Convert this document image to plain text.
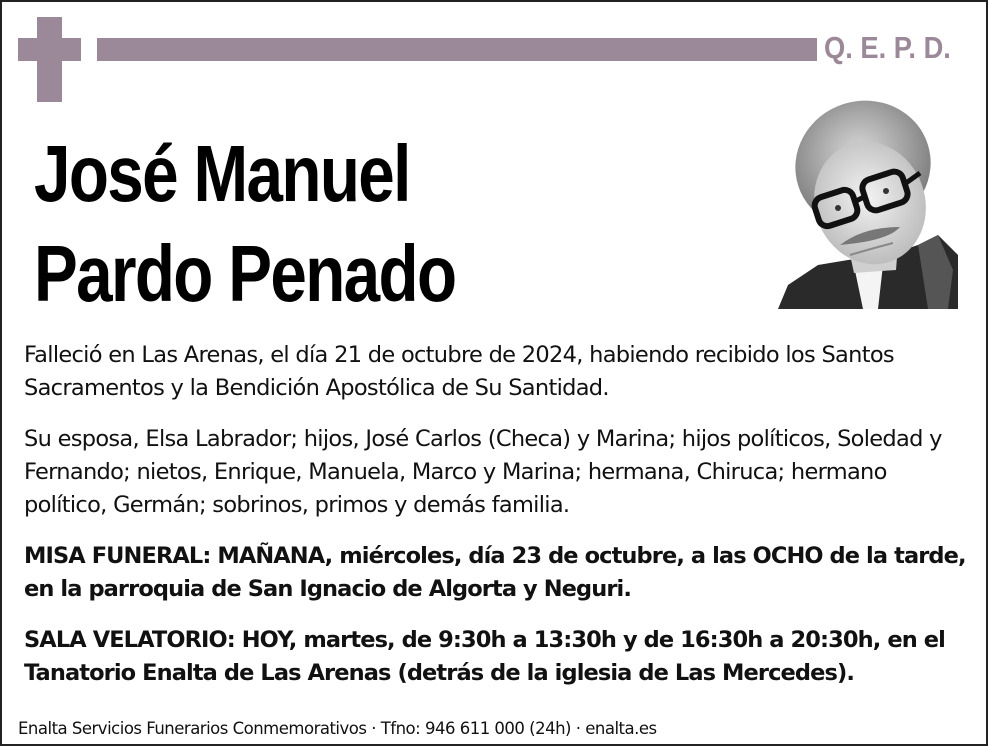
Q. E. P. D.
José Manuel
Pardo Penado

Falleció en Las Arenas, el día 21 de octubre de 2024, habiendo recibido los Santos Sacramentos y la Bendición Apostólica de Su Santidad.

Su esposa, Elsa Labrador; hijos, José Carlos (Checa) y Marina; hijos políticos, Soledad y Fernando; nietos, Enrique, Manuela, Marco y Marina; hermana, Chiruca; hermano político, Germán; sobrinos, primos y demás familia.

MISA FUNERAL: MAÑANA, miércoles, día 23 de octubre, a las OCHO de la tarde, en la parroquia de San Ignacio de Algorta y Neguri.

SALA VELATORIO: HOY, martes, de 9:30h a 13:30h y de 16:30h a 20:30h, en el Tanatorio Enalta de Las Arenas (detrás de la iglesia de Las Mercedes).

Enalta Servicios Funerarios Conmemorativos · Tfno: 946 611 000 (24h) · enalta.es
